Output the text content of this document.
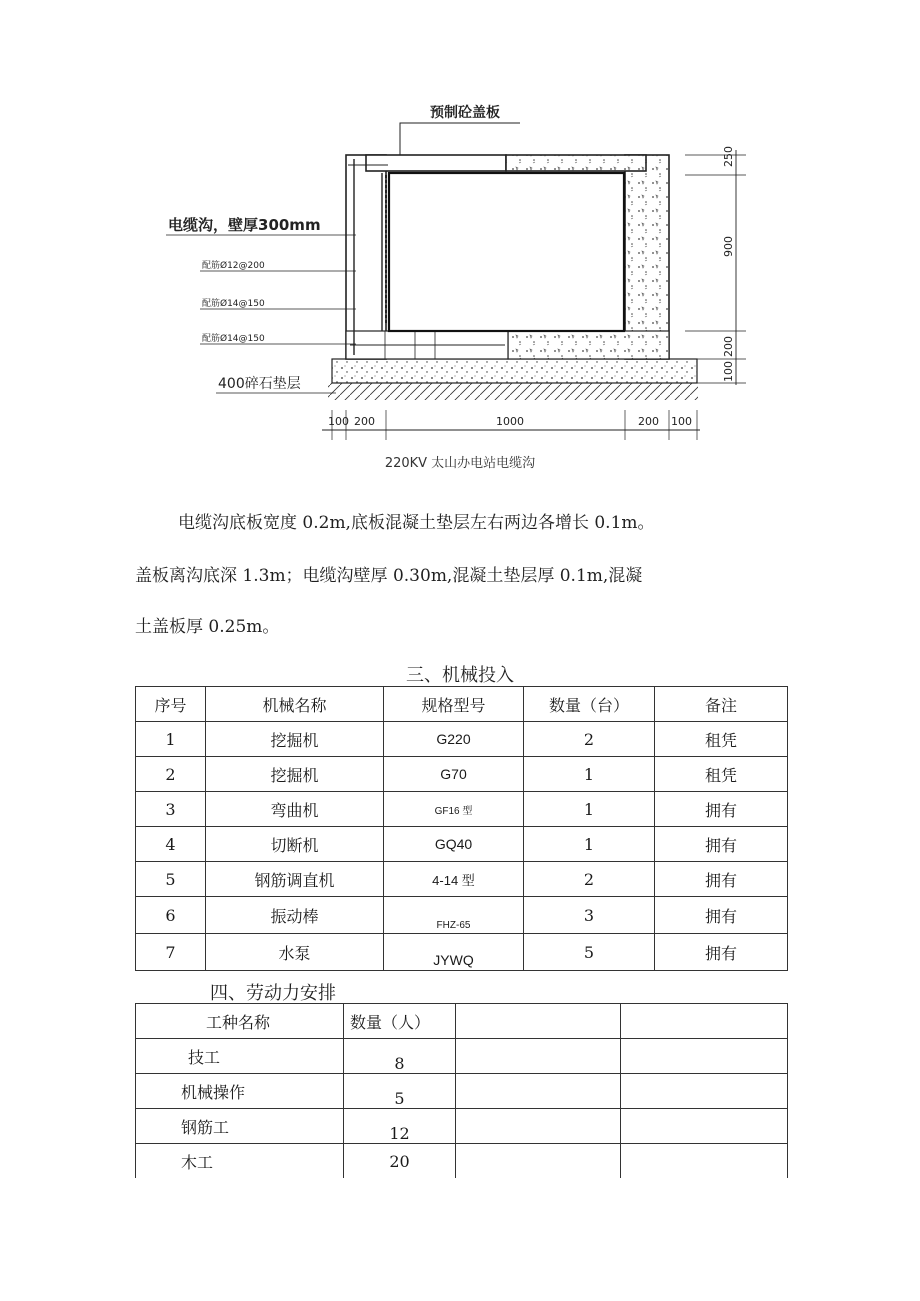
预制砼盖板
电缆沟，壁厚300mm
配筋Ø12@200
配筋Ø14@150
配筋Ø14@150
400碎石垫层
250
900
200
100
100 200	1000	200 100
220KV 太山办电站电缆沟
电缆沟底板宽度 0.2m,底板混凝土垫层左右两边各增长 0.1m。
盖板离沟底深 1.3m；电缆沟壁厚 0.30m,混凝土垫层厚 0.1m,混凝
土盖板厚 0.25m。
三、机械投入
序号	机械名称	规格型号	数量（台）	备注
1	挖掘机	G220	2	租凭
2	挖掘机	G70	1	租凭
3	弯曲机	GF16 型	1	拥有
4	切断机	GQ40	1	拥有
5	钢筋调直机	4-14 型	2	拥有
6	振动棒	FHZ-65	3	拥有
7	水泵	JYWQ	5	拥有
四、劳动力安排
工种名称	数量（人）		
技工	8		
机械操作	5		
钢筋工	12		
木工	20		
